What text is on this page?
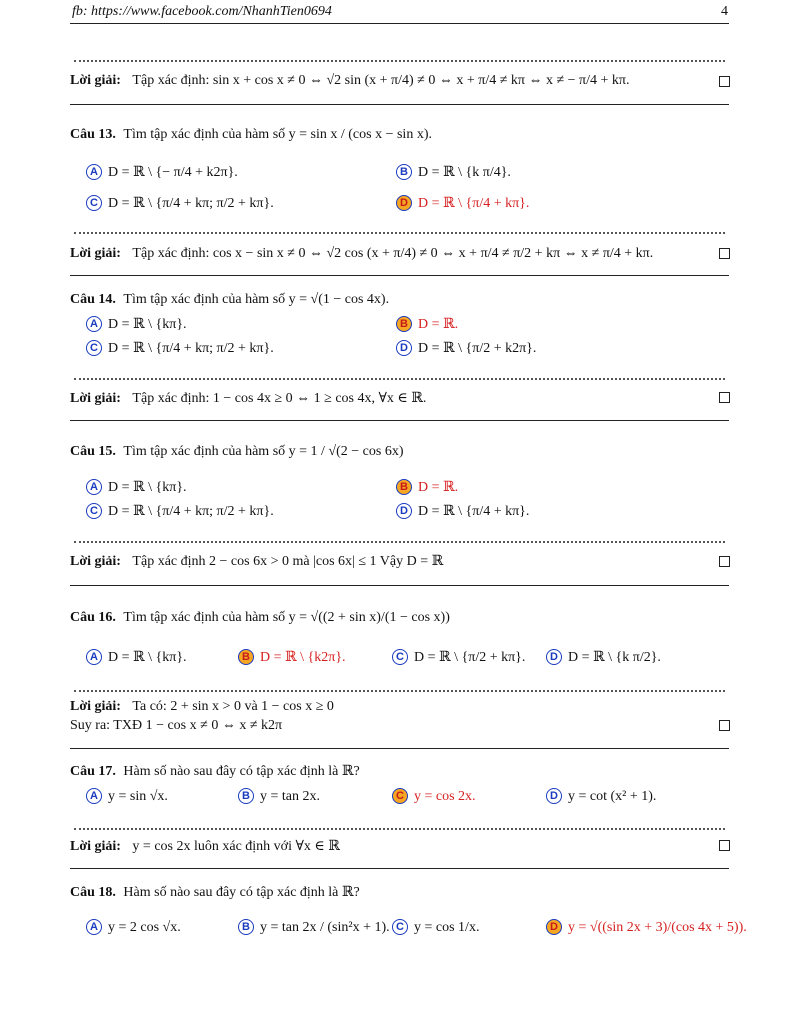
fb: https://www.facebook.com/NhanhTien0694	4
Lời giải: Tập xác định: sin x + cos x ≠ 0 ⇔ √2 sin (x + π/4) ≠ 0 ⇔ x + π/4 ≠ kπ ⇔ x ≠ − π/4 + kπ.
Câu 13. Tìm tập xác định của hàm số y = sin x / (cos x − sin x).
A D = ℝ \ {− π/4 + k2π}.	B D = ℝ \ {k π/4}.
C D = ℝ \ {π/4 + kπ; π/2 + kπ}.	D D = ℝ \ {π/4 + kπ}.
Lời giải: Tập xác định: cos x − sin x ≠ 0 ⇔ √2 cos (x + π/4) ≠ 0 ⇔ x + π/4 ≠ π/2 + kπ ⇔ x ≠ π/4 + kπ.
Câu 14. Tìm tập xác định của hàm số y = √(1 − cos 4x).
A D = ℝ \ {kπ}.	B D = ℝ.
C D = ℝ \ {π/4 + kπ; π/2 + kπ}.	D D = ℝ \ {π/2 + k2π}.
Lời giải: Tập xác định: 1 − cos 4x ≥ 0 ⇔ 1 ≥ cos 4x, ∀x ∈ ℝ.
Câu 15. Tìm tập xác định của hàm số y = 1 / √(2 − cos 6x)
A D = ℝ \ {kπ}.	B D = ℝ.
C D = ℝ \ {π/4 + kπ; π/2 + kπ}.	D D = ℝ \ {π/4 + kπ}.
Lời giải: Tập xác định 2 − cos 6x > 0 mà |cos 6x| ≤ 1 Vậy D = ℝ
Câu 16. Tìm tập xác định của hàm số y = √((2 + sin x)/(1 − cos x))
A D = ℝ \ {kπ}.	B D = ℝ \ {k2π}.	C D = ℝ \ {π/2 + kπ}.	D D = ℝ \ {k π/2}.
Lời giải: Ta có: 2 + sin x > 0 và 1 − cos x ≥ 0
Suy ra: TXĐ 1 − cos x ≠ 0 ⇔ x ≠ k2π
Câu 17. Hàm số nào sau đây có tập xác định là ℝ?
A y = sin √x.	B y = tan 2x.	C y = cos 2x.	D y = cot (x² + 1).
Lời giải: y = cos 2x luôn xác định với ∀x ∈ ℝ
Câu 18. Hàm số nào sau đây có tập xác định là ℝ?
A y = 2 cos √x.	B y = tan 2x / (sin²x + 1). C y = cos 1/x.	D y = √((sin 2x + 3)/(cos 4x + 5)).
